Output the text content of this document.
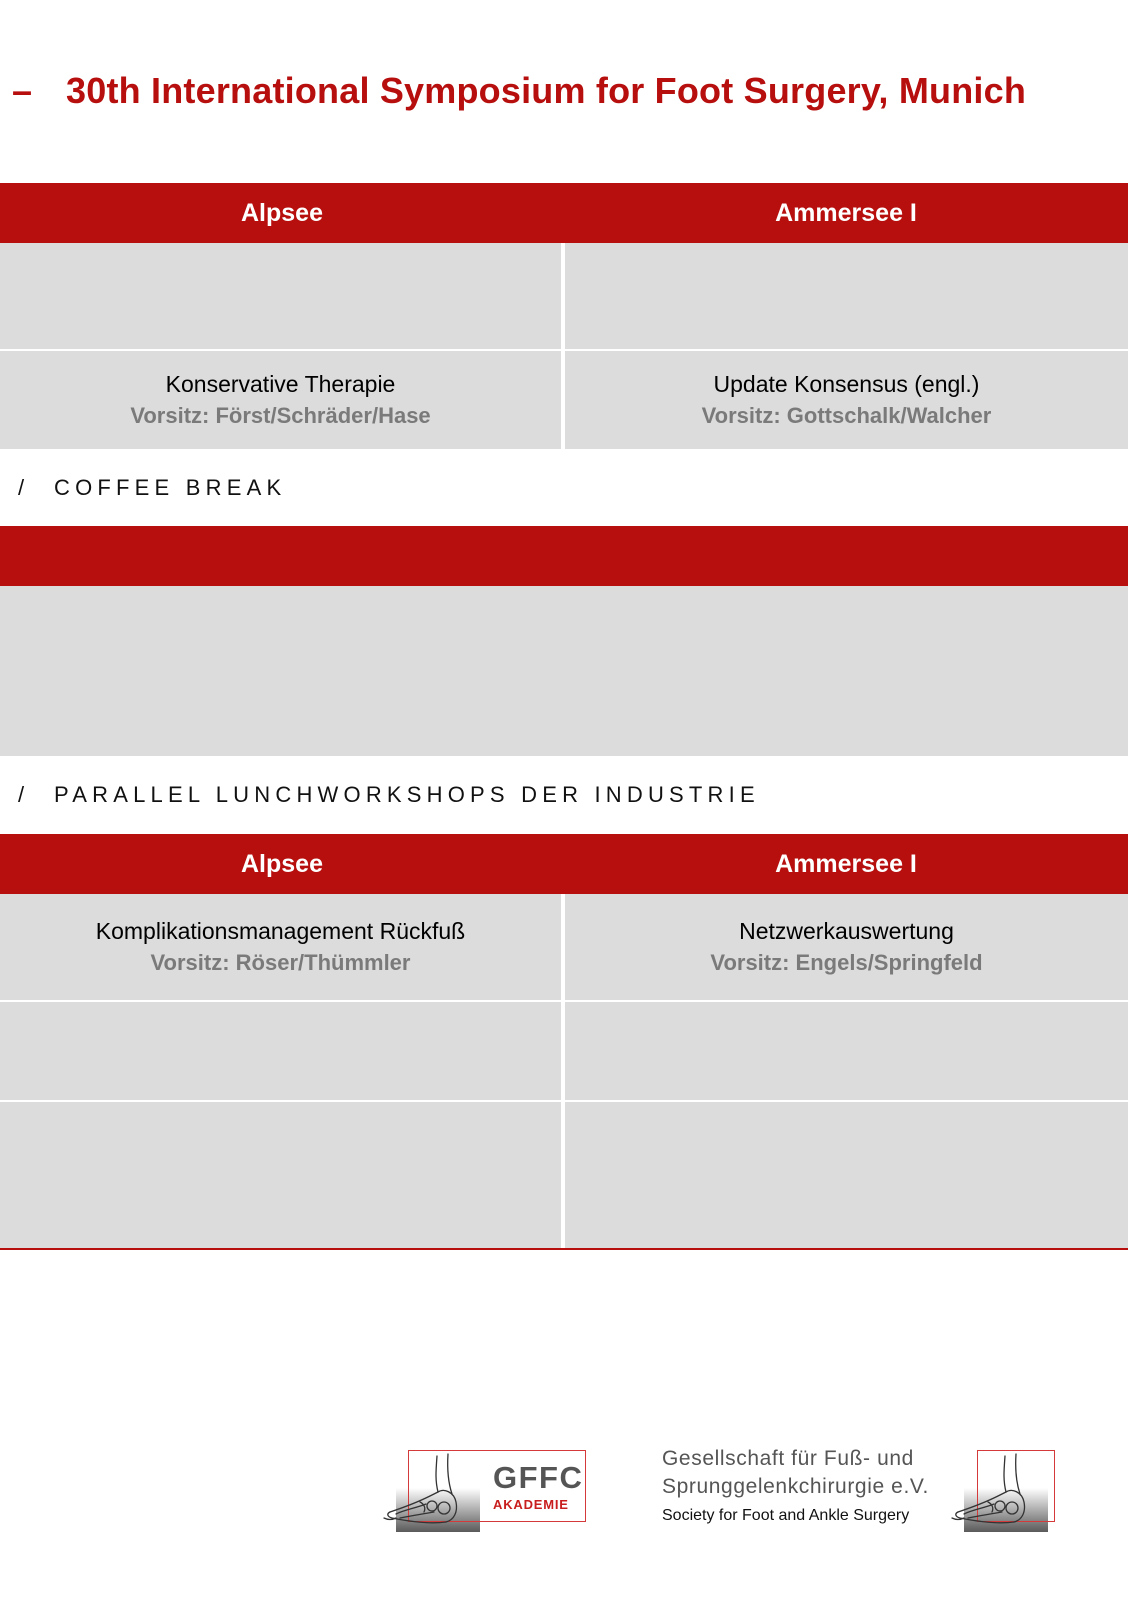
– 30th International Symposium for Foot Surgery, Munich
Alpsee	Ammersee I
Konservative Therapie
Vorsitz: Först/Schräder/Hase
Update Konsensus (engl.)
Vorsitz: Gottschalk/Walcher
/ COFFEE BREAK
/ PARALLEL LUNCHWORKSHOPS DER INDUSTRIE
Alpsee	Ammersee I
Komplikationsmanagement Rückfuß
Vorsitz: Röser/Thümmler
Netzwerkauswertung
Vorsitz: Engels/Springfeld
GFFC
AKADEMIE
Gesellschaft für Fuß- und
Sprunggelenkchirurgie e.V.
Society for Foot and Ankle Surgery
